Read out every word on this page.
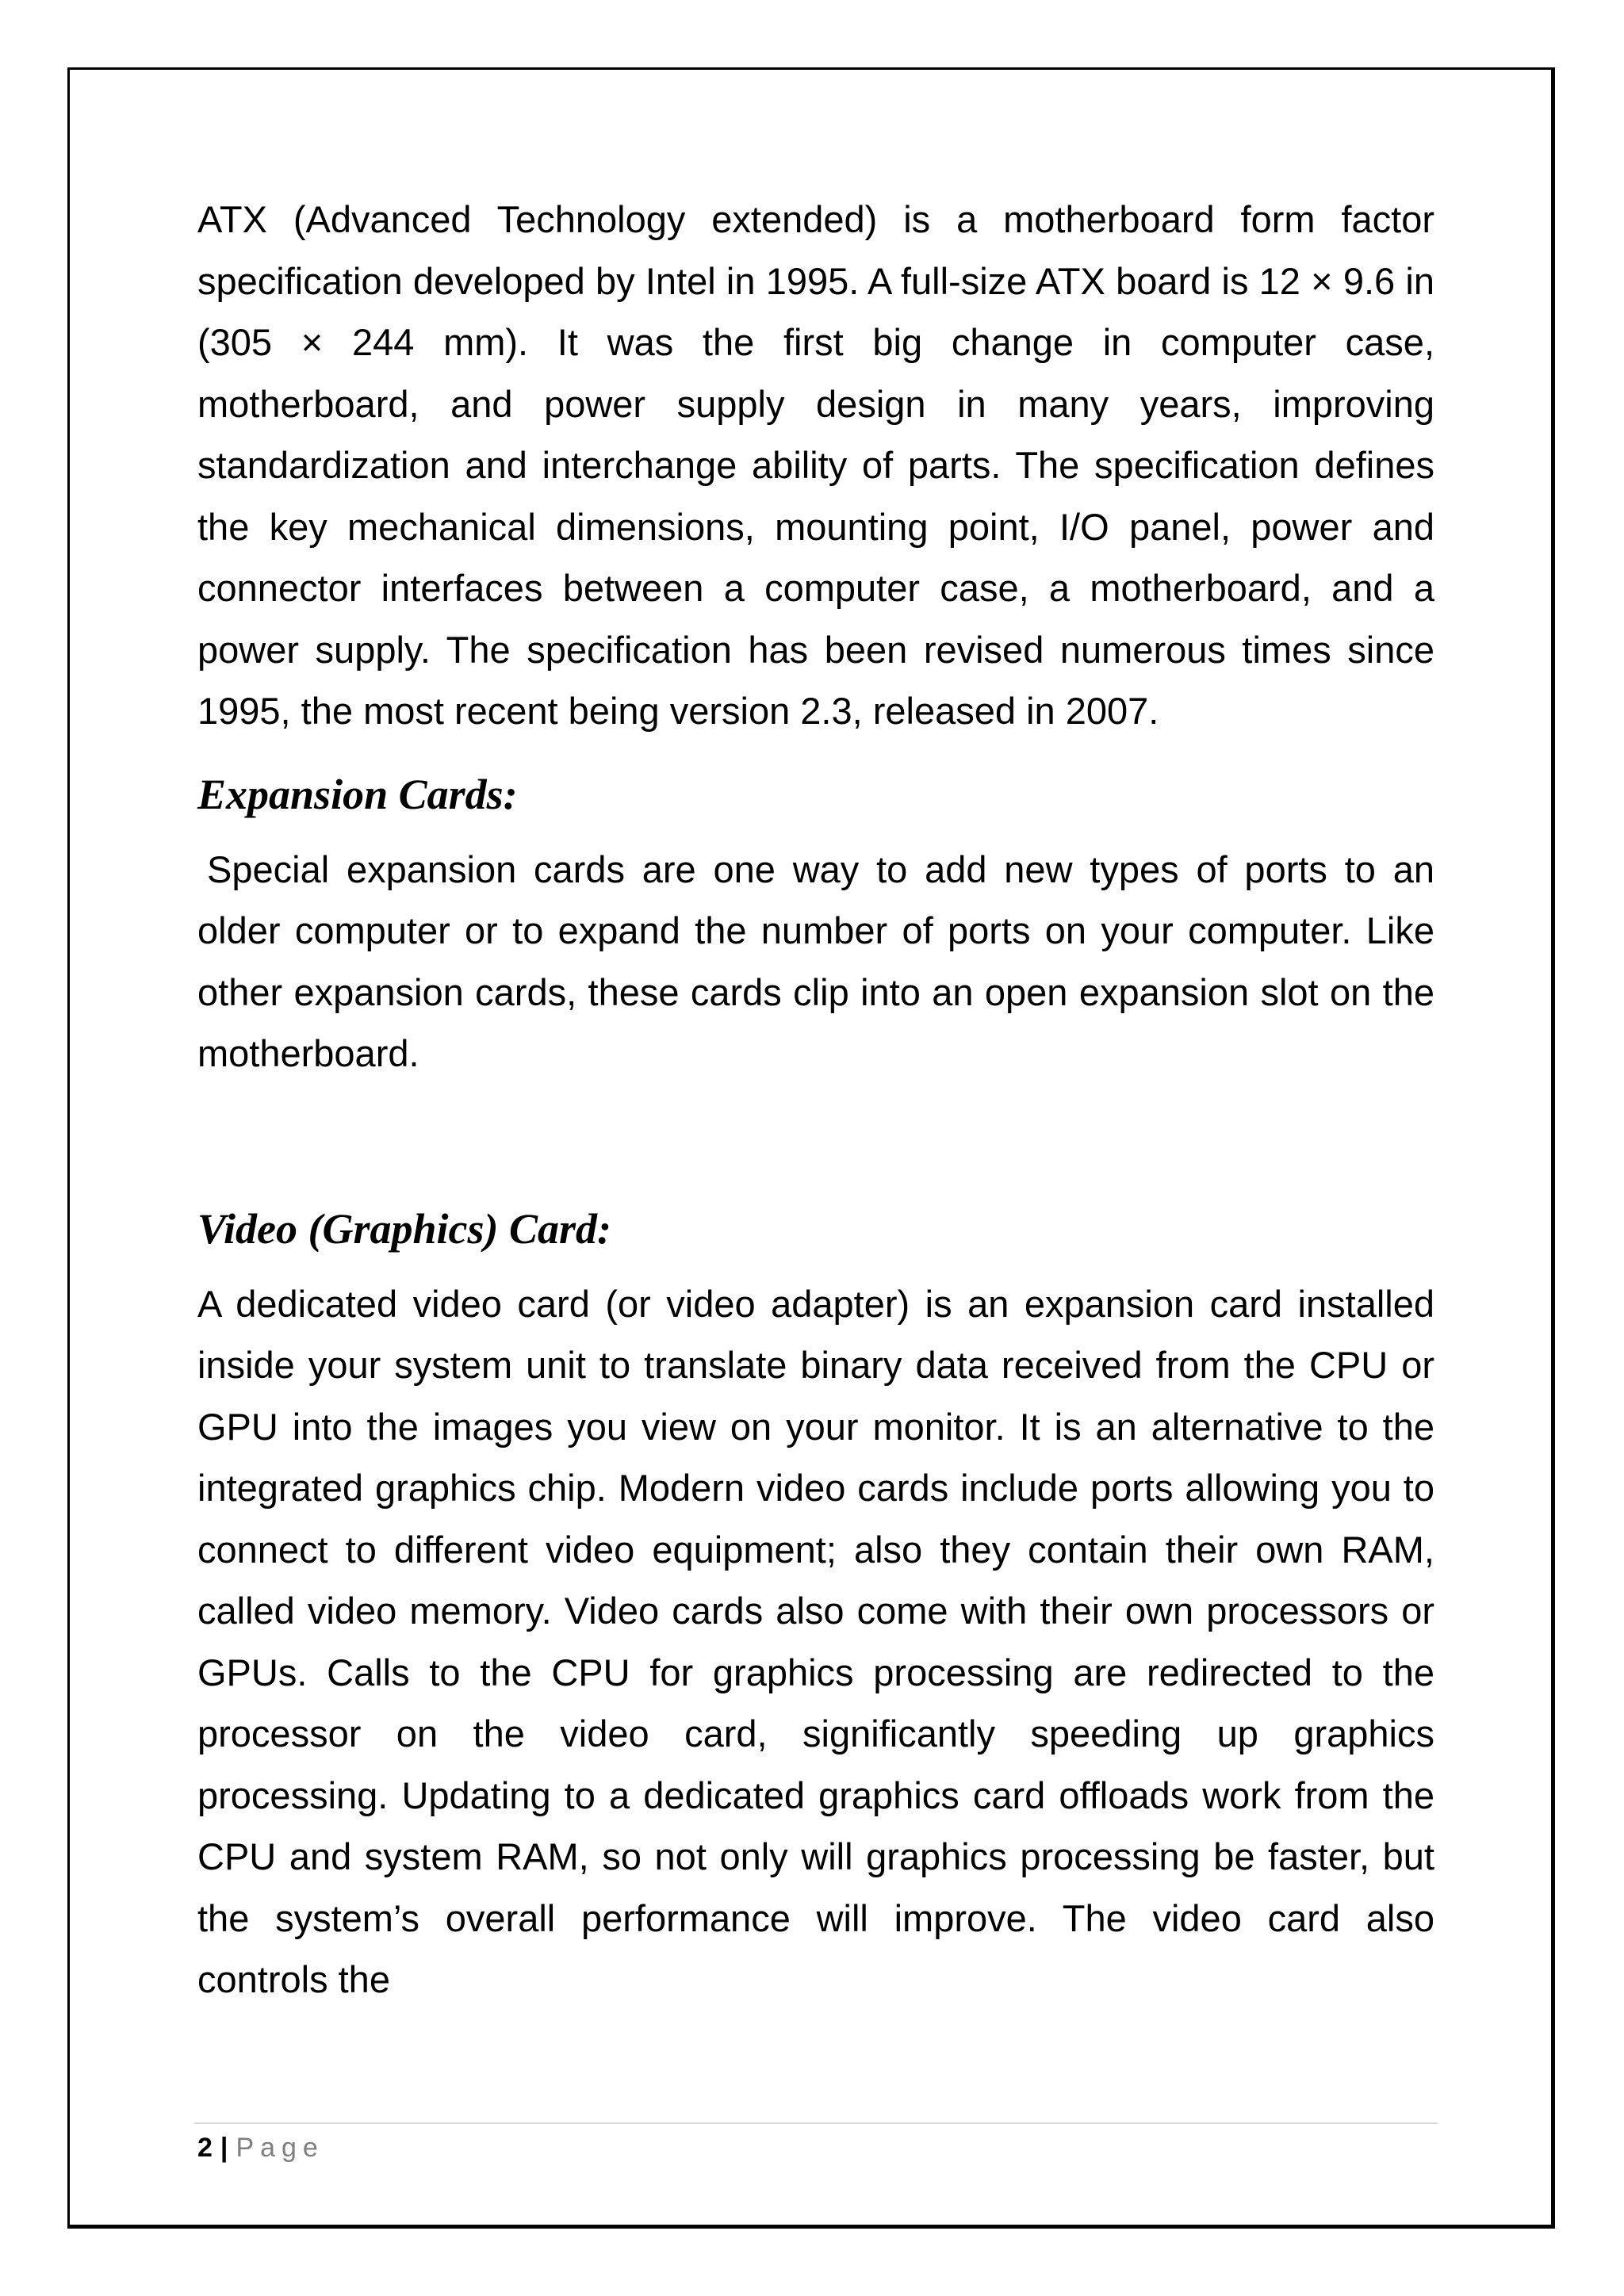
ATX (Advanced Technology extended) is a motherboard form factor specification developed by Intel in 1995. A full-size ATX board is 12 × 9.6 in (305 × 244 mm). It was the first big change in computer case, motherboard, and power supply design in many years, improving standardization and interchange ability of parts. The specification defines the key mechanical dimensions, mounting point, I/O panel, power and connector interfaces between a computer case, a motherboard, and a power supply. The specification has been revised numerous times since 1995, the most recent being version 2.3, released in 2007.

Expansion Cards:

Special expansion cards are one way to add new types of ports to an older computer or to expand the number of ports on your computer. Like other expansion cards, these cards clip into an open expansion slot on the motherboard.

Video (Graphics) Card:

A dedicated video card (or video adapter) is an expansion card installed inside your system unit to translate binary data received from the CPU or GPU into the images you view on your monitor. It is an alternative to the integrated graphics chip. Modern video cards include ports allowing you to connect to different video equipment; also they contain their own RAM, called video memory. Video cards also come with their own processors or GPUs. Calls to the CPU for graphics processing are redirected to the processor on the video card, significantly speeding up graphics processing. Updating to a dedicated graphics card offloads work from the CPU and system RAM, so not only will graphics processing be faster, but the system’s overall performance will improve. The video card also controls the

2 | Page
